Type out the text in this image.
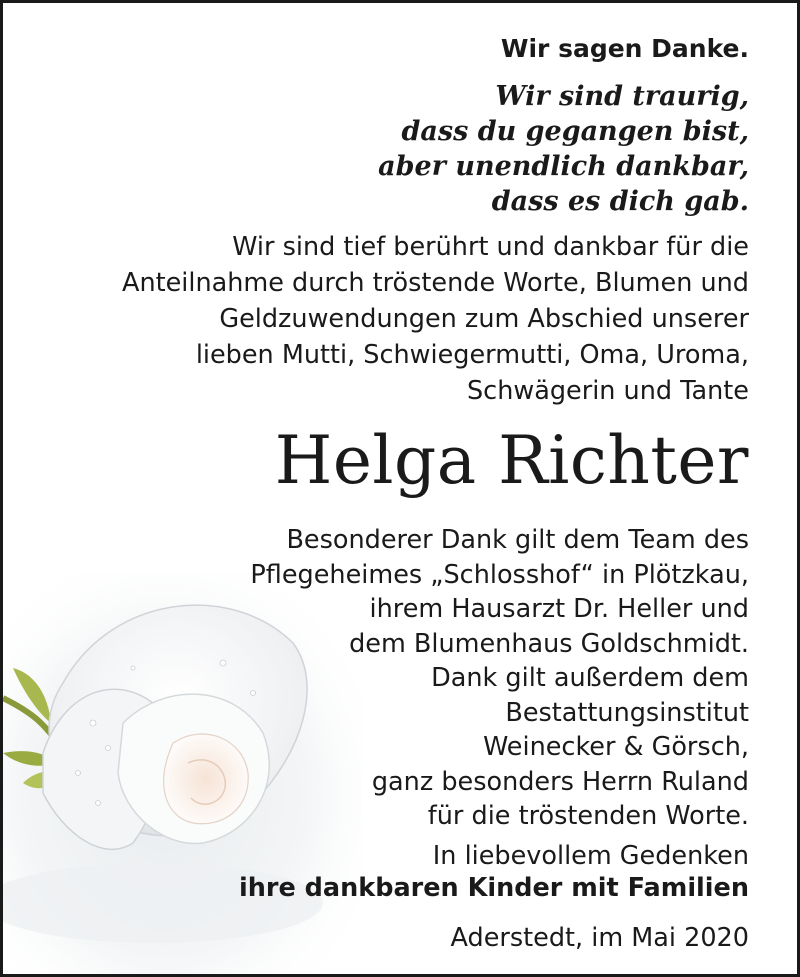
Wir sagen Danke.
Wir sind traurig,
dass du gegangen bist,
aber unendlich dankbar,
dass es dich gab.
Wir sind tief berührt und dankbar für die
Anteilnahme durch tröstende Worte, Blumen und
Geldzuwendungen zum Abschied unserer
lieben Mutti, Schwiegermutti, Oma, Uroma,
Schwägerin und Tante
Helga Richter
Besonderer Dank gilt dem Team des
Pflegeheimes „Schlosshof“ in Plötzkau,
ihrem Hausarzt Dr. Heller und
dem Blumenhaus Goldschmidt.
Dank gilt außerdem dem
Bestattungsinstitut
Weinecker & Görsch,
ganz besonders Herrn Ruland
für die tröstenden Worte.
In liebevollem Gedenken
ihre dankbaren Kinder mit Familien
Aderstedt, im Mai 2020
